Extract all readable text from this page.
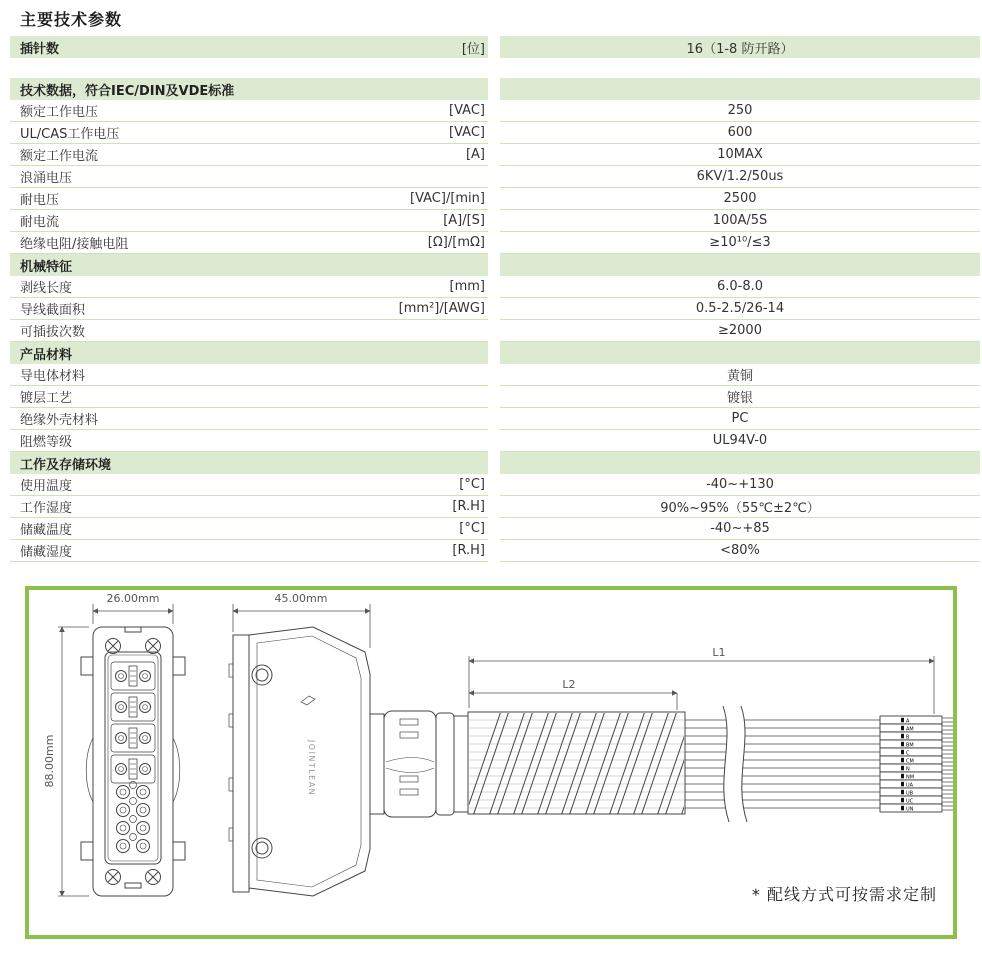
主要技术参数
插针数	[位]	16（1-8 防开路）
技术数据，符合IEC/DIN及VDE标准
额定工作电压	[VAC]	250
UL/CAS工作电压	[VAC]	600
额定工作电流	[A]	10MAX
浪涌电压	6KV/1.2/50us
耐电压	[VAC]/[min]	2500
耐电流	[A]/[S]	100A/5S
绝缘电阻/接触电阻	[Ω]/[mΩ]	≥10¹⁰/≤3
机械特征
剥线长度	[mm]	6.0-8.0
导线截面积	[mm²]/[AWG]	0.5-2.5/26-14
可插拔次数	≥2000
产品材料
导电体材料	黄铜
镀层工艺	镀银
绝缘外壳材料	PC
阻燃等级	UL94V-0
工作及存储环境
使用温度	[°C]	-40~+130
工作湿度	[R.H]	90%~95%（55℃±2℃）
储藏温度	[°C]	-40~+85
储藏湿度	[R.H]	<80%
JOINTLEAN
A
AM
B
BM
C
CM
N
NM
UA
UB
UC
UN
26.00mm
88.00mm
45.00mm
L1
L2
* 配线方式可按需求定制
